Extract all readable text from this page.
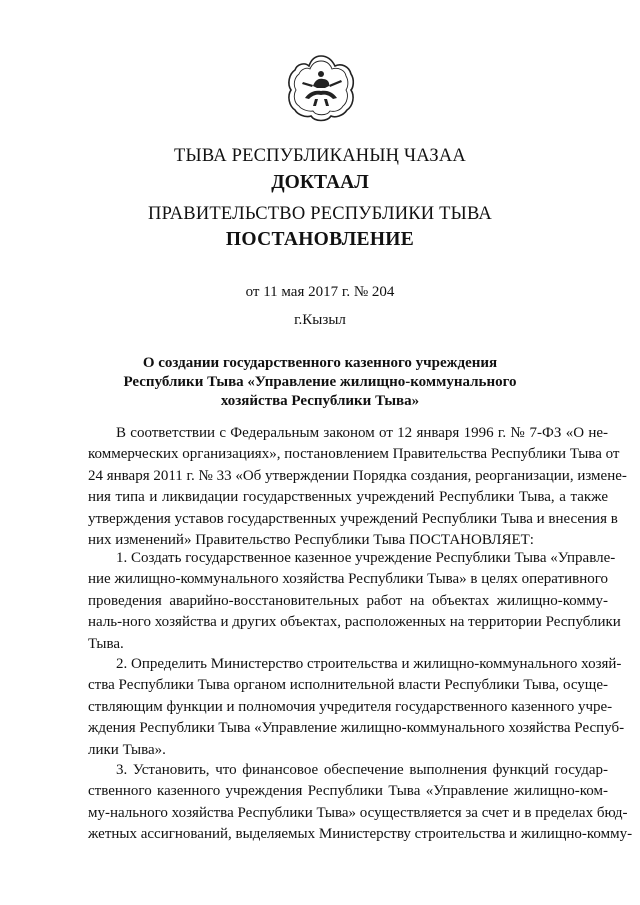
ТЫВА РЕСПУБЛИКАНЫҢ ЧАЗАА
ДОКТААЛ
ПРАВИТЕЛЬСТВО РЕСПУБЛИКИ ТЫВА
ПОСТАНОВЛЕНИЕ
от 11 мая 2017 г. № 204
г.Кызыл
О создании государственного казенного учреждения
Республики Тыва «Управление жилищно-коммунального
хозяйства Республики Тыва»
В соответствии с Федеральным законом от 12 января 1996 г. № 7-ФЗ «О не-
коммерческих организациях», постановлением Правительства Республики Тыва от
24 января 2011 г. № 33 «Об утверждении Порядка создания, реорганизации, измене-
ния типа и ликвидации государственных учреждений Республики Тыва, а также
утверждения уставов государственных учреждений Республики Тыва и внесения в
них изменений» Правительство Республики Тыва ПОСТАНОВЛЯЕТ:
1. Создать государственное казенное учреждение Республики Тыва «Управле-
ние жилищно-коммунального хозяйства Республики Тыва» в целях оперативного
проведения аварийно-восстановительных работ на объектах жилищно-комму-
наль-ного хозяйства и других объектах, расположенных на территории Республики
Тыва.
2. Определить Министерство строительства и жилищно-коммунального хозяй-
ства Республики Тыва органом исполнительной власти Республики Тыва, осуще-
ствляющим функции и полномочия учредителя государственного казенного учре-
ждения Республики Тыва «Управление жилищно-коммунального хозяйства Респуб-
лики Тыва».
3. Установить, что финансовое обеспечение выполнения функций государ-
ственного казенного учреждения Республики Тыва «Управление жилищно-ком-
му-нального хозяйства Республики Тыва» осуществляется за счет и в пределах бюд-
жетных ассигнований, выделяемых Министерству строительства и жилищно-комму-
